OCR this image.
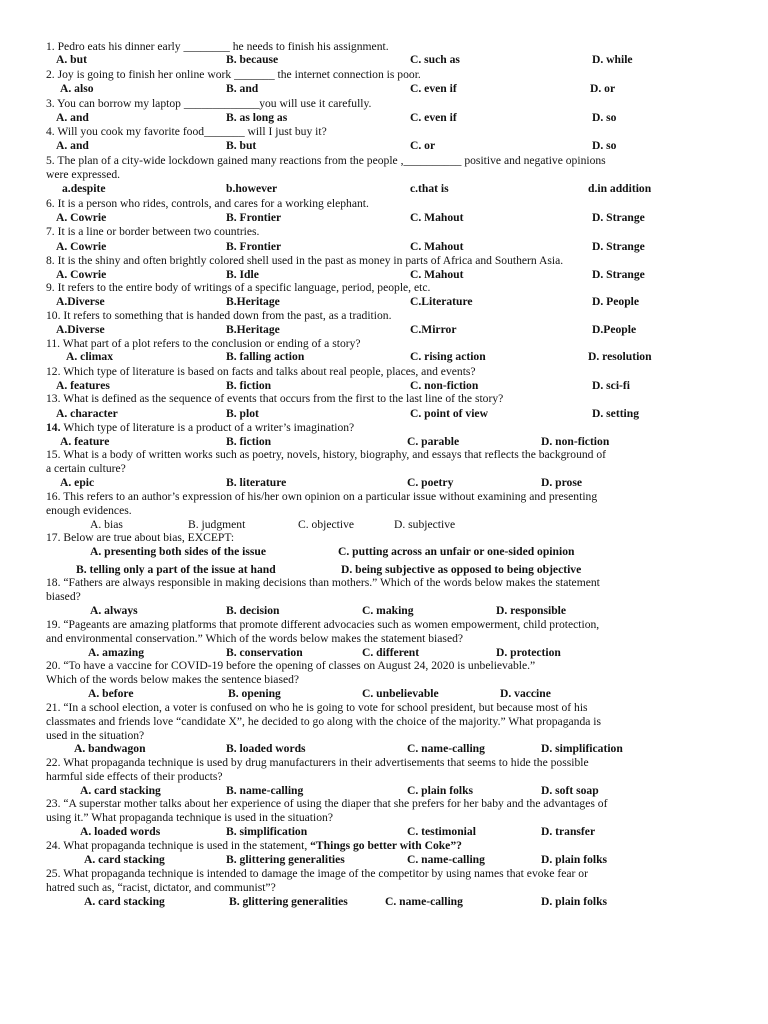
1. Pedro eats his dinner early ________ he needs to finish his assignment.
A. but	B. because	C. such as	D. while
2. Joy is going to finish her online work _______ the internet connection is poor.
A. also	B. and	C. even if	D. or
3. You can borrow my laptop _____________you will use it carefully.
A. and	B. as long as	C. even if	D. so
4. Will you cook my favorite food_______ will I just buy it?
A. and	B. but	C. or	D. so
5. The plan of a city-wide lockdown gained many reactions from the people ,__________ positive and negative opinions
were expressed.
a.despite	b.however	c.that is	d.in addition
6. It is a person who rides, controls, and cares for a working elephant.
A. Cowrie	B. Frontier	C. Mahout	D. Strange
7. It is a line or border between two countries.
A. Cowrie	B. Frontier	C. Mahout	D. Strange
8. It is the shiny and often brightly colored shell used in the past as money in parts of Africa and Southern Asia.
A. Cowrie	B. Idle	C. Mahout	D. Strange
9. It refers to the entire body of writings of a specific language, period, people, etc.
A.Diverse	B.Heritage	C.Literature	D. People
10. It refers to something that is handed down from the past, as a tradition.
A.Diverse	B.Heritage	C.Mirror	D.People
11. What part of a plot refers to the conclusion or ending of a story?
A. climax	B. falling action	C. rising action	D. resolution
12. Which type of literature is based on facts and talks about real people, places, and events?
A. features	B. fiction	C. non-fiction	D. sci-fi
13. What is defined as the sequence of events that occurs from the first to the last line of the story?
A. character	B. plot	C. point of view	D. setting
14. Which type of literature is a product of a writer’s imagination?
A. feature	B. fiction	C. parable	D. non-fiction
15. What is a body of written works such as poetry, novels, history, biography, and essays that reflects the background of
a certain culture?
A. epic	B. literature	C. poetry	D. prose
16. This refers to an author’s expression of his/her own opinion on a particular issue without examining and presenting
enough evidences.
A. bias	B. judgment	C. objective	D. subjective
17. Below are true about bias, EXCEPT:
A. presenting both sides of the issue	C. putting across an unfair or one-sided opinion
B. telling only a part of the issue at hand	D. being subjective as opposed to being objective
18. “Fathers are always responsible in making decisions than mothers.” Which of the words below makes the statement
biased?
A. always	B. decision	C. making	D. responsible
19. “Pageants are amazing platforms that promote different advocacies such as women empowerment, child protection,
and environmental conservation.” Which of the words below makes the statement biased?
A. amazing	B. conservation	C. different	D. protection
20. “To have a vaccine for COVID-19 before the opening of classes on August 24, 2020 is unbelievable.”
Which of the words below makes the sentence biased?
A. before	B. opening	C. unbelievable	D. vaccine
21. “In a school election, a voter is confused on who he is going to vote for school president, but because most of his
classmates and friends love “candidate X”, he decided to go along with the choice of the majority.” What propaganda is
used in the situation?
A. bandwagon	B. loaded words	C. name-calling	D. simplification
22. What propaganda technique is used by drug manufacturers in their advertisements that seems to hide the possible
harmful side effects of their products?
A. card stacking	B. name-calling	C. plain folks	D. soft soap
23. “A superstar mother talks about her experience of using the diaper that she prefers for her baby and the advantages of
using it.” What propaganda technique is used in the situation?
A. loaded words	B. simplification	C. testimonial	D. transfer
24. What propaganda technique is used in the statement, “Things go better with Coke”?
A. card stacking	B. glittering generalities	C. name-calling	D. plain folks
25. What propaganda technique is intended to damage the image of the competitor by using names that evoke fear or
hatred such as, “racist, dictator, and communist”?
A. card stacking	B. glittering generalities	C. name-calling	D. plain folks
